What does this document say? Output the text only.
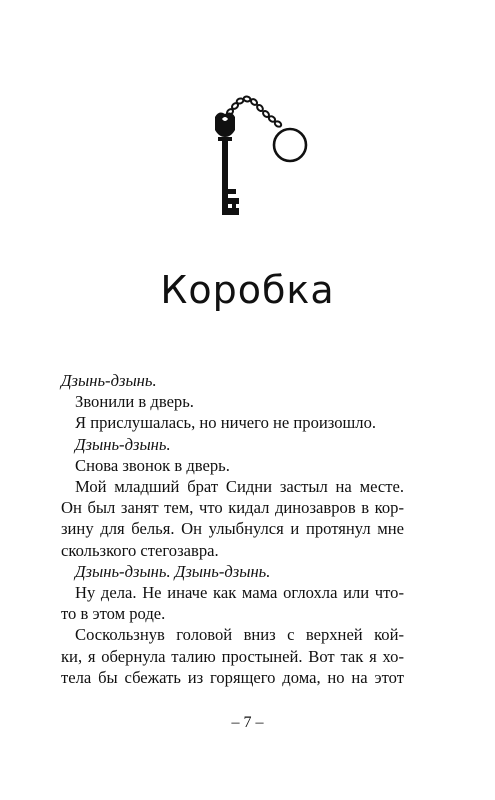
Коробка
Дзынь-дзынь.
Звонили в дверь.
Я прислушалась, но ничего не произошло.
Дзынь-дзынь.
Снова звонок в дверь.
Мой младший брат Сидни застыл на месте.
Он был занят тем, что кидал динозавров в кор-
зину для белья. Он улыбнулся и протянул мне
скользкого стегозавра.
Дзынь-дзынь. Дзынь-дзынь.
Ну дела. Не иначе как мама оглохла или что-
то в этом роде.
Соскользнув головой вниз с верхней кой-
ки, я обернула талию простыней. Вот так я хо-
тела бы сбежать из горящего дома, но на этот
– 7 –
